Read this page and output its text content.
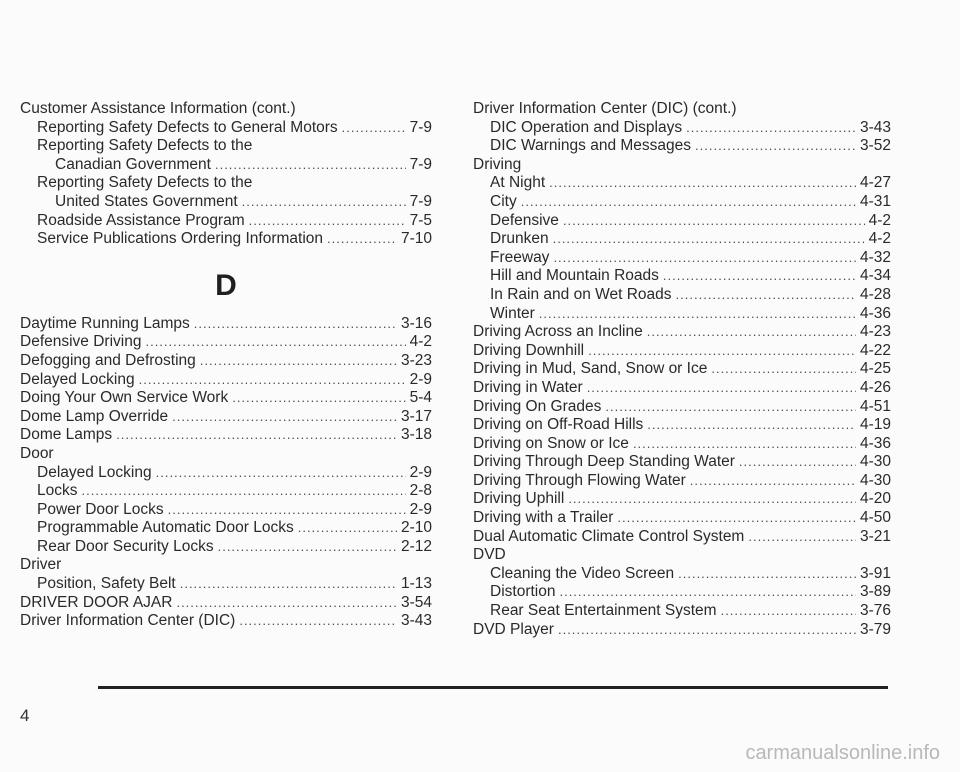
Customer Assistance Information (cont.)
Reporting Safety Defects to General Motors .....	7-9
Reporting Safety Defects to the
Canadian Government .....	7-9
Reporting Safety Defects to the
United States Government .....	7-9
Roadside Assistance Program .....	7-5
Service Publications Ordering Information .....	7-10
D
Daytime Running Lamps .....	3-16
Defensive Driving .....	4-2
Defogging and Defrosting .....	3-23
Delayed Locking .....	2-9
Doing Your Own Service Work .....	5-4
Dome Lamp Override .....	3-17
Dome Lamps .....	3-18
Door
Delayed Locking .....	2-9
Locks .....	2-8
Power Door Locks .....	2-9
Programmable Automatic Door Locks .....	2-10
Rear Door Security Locks .....	2-12
Driver
Position, Safety Belt .....	1-13
DRIVER DOOR AJAR .....	3-54
Driver Information Center (DIC) .....	3-43
Driver Information Center (DIC) (cont.)
DIC Operation and Displays .....	3-43
DIC Warnings and Messages .....	3-52
Driving
At Night .....	4-27
City .....	4-31
Defensive .....	4-2
Drunken .....	4-2
Freeway .....	4-32
Hill and Mountain Roads .....	4-34
In Rain and on Wet Roads .....	4-28
Winter .....	4-36
Driving Across an Incline .....	4-23
Driving Downhill .....	4-22
Driving in Mud, Sand, Snow or Ice .....	4-25
Driving in Water .....	4-26
Driving On Grades .....	4-51
Driving on Off-Road Hills .....	4-19
Driving on Snow or Ice .....	4-36
Driving Through Deep Standing Water .....	4-30
Driving Through Flowing Water .....	4-30
Driving Uphill .....	4-20
Driving with a Trailer .....	4-50
Dual Automatic Climate Control System .....	3-21
DVD
Cleaning the Video Screen .....	3-91
Distortion .....	3-89
Rear Seat Entertainment System .....	3-76
DVD Player .....	3-79
4
carmanualsonline.info
